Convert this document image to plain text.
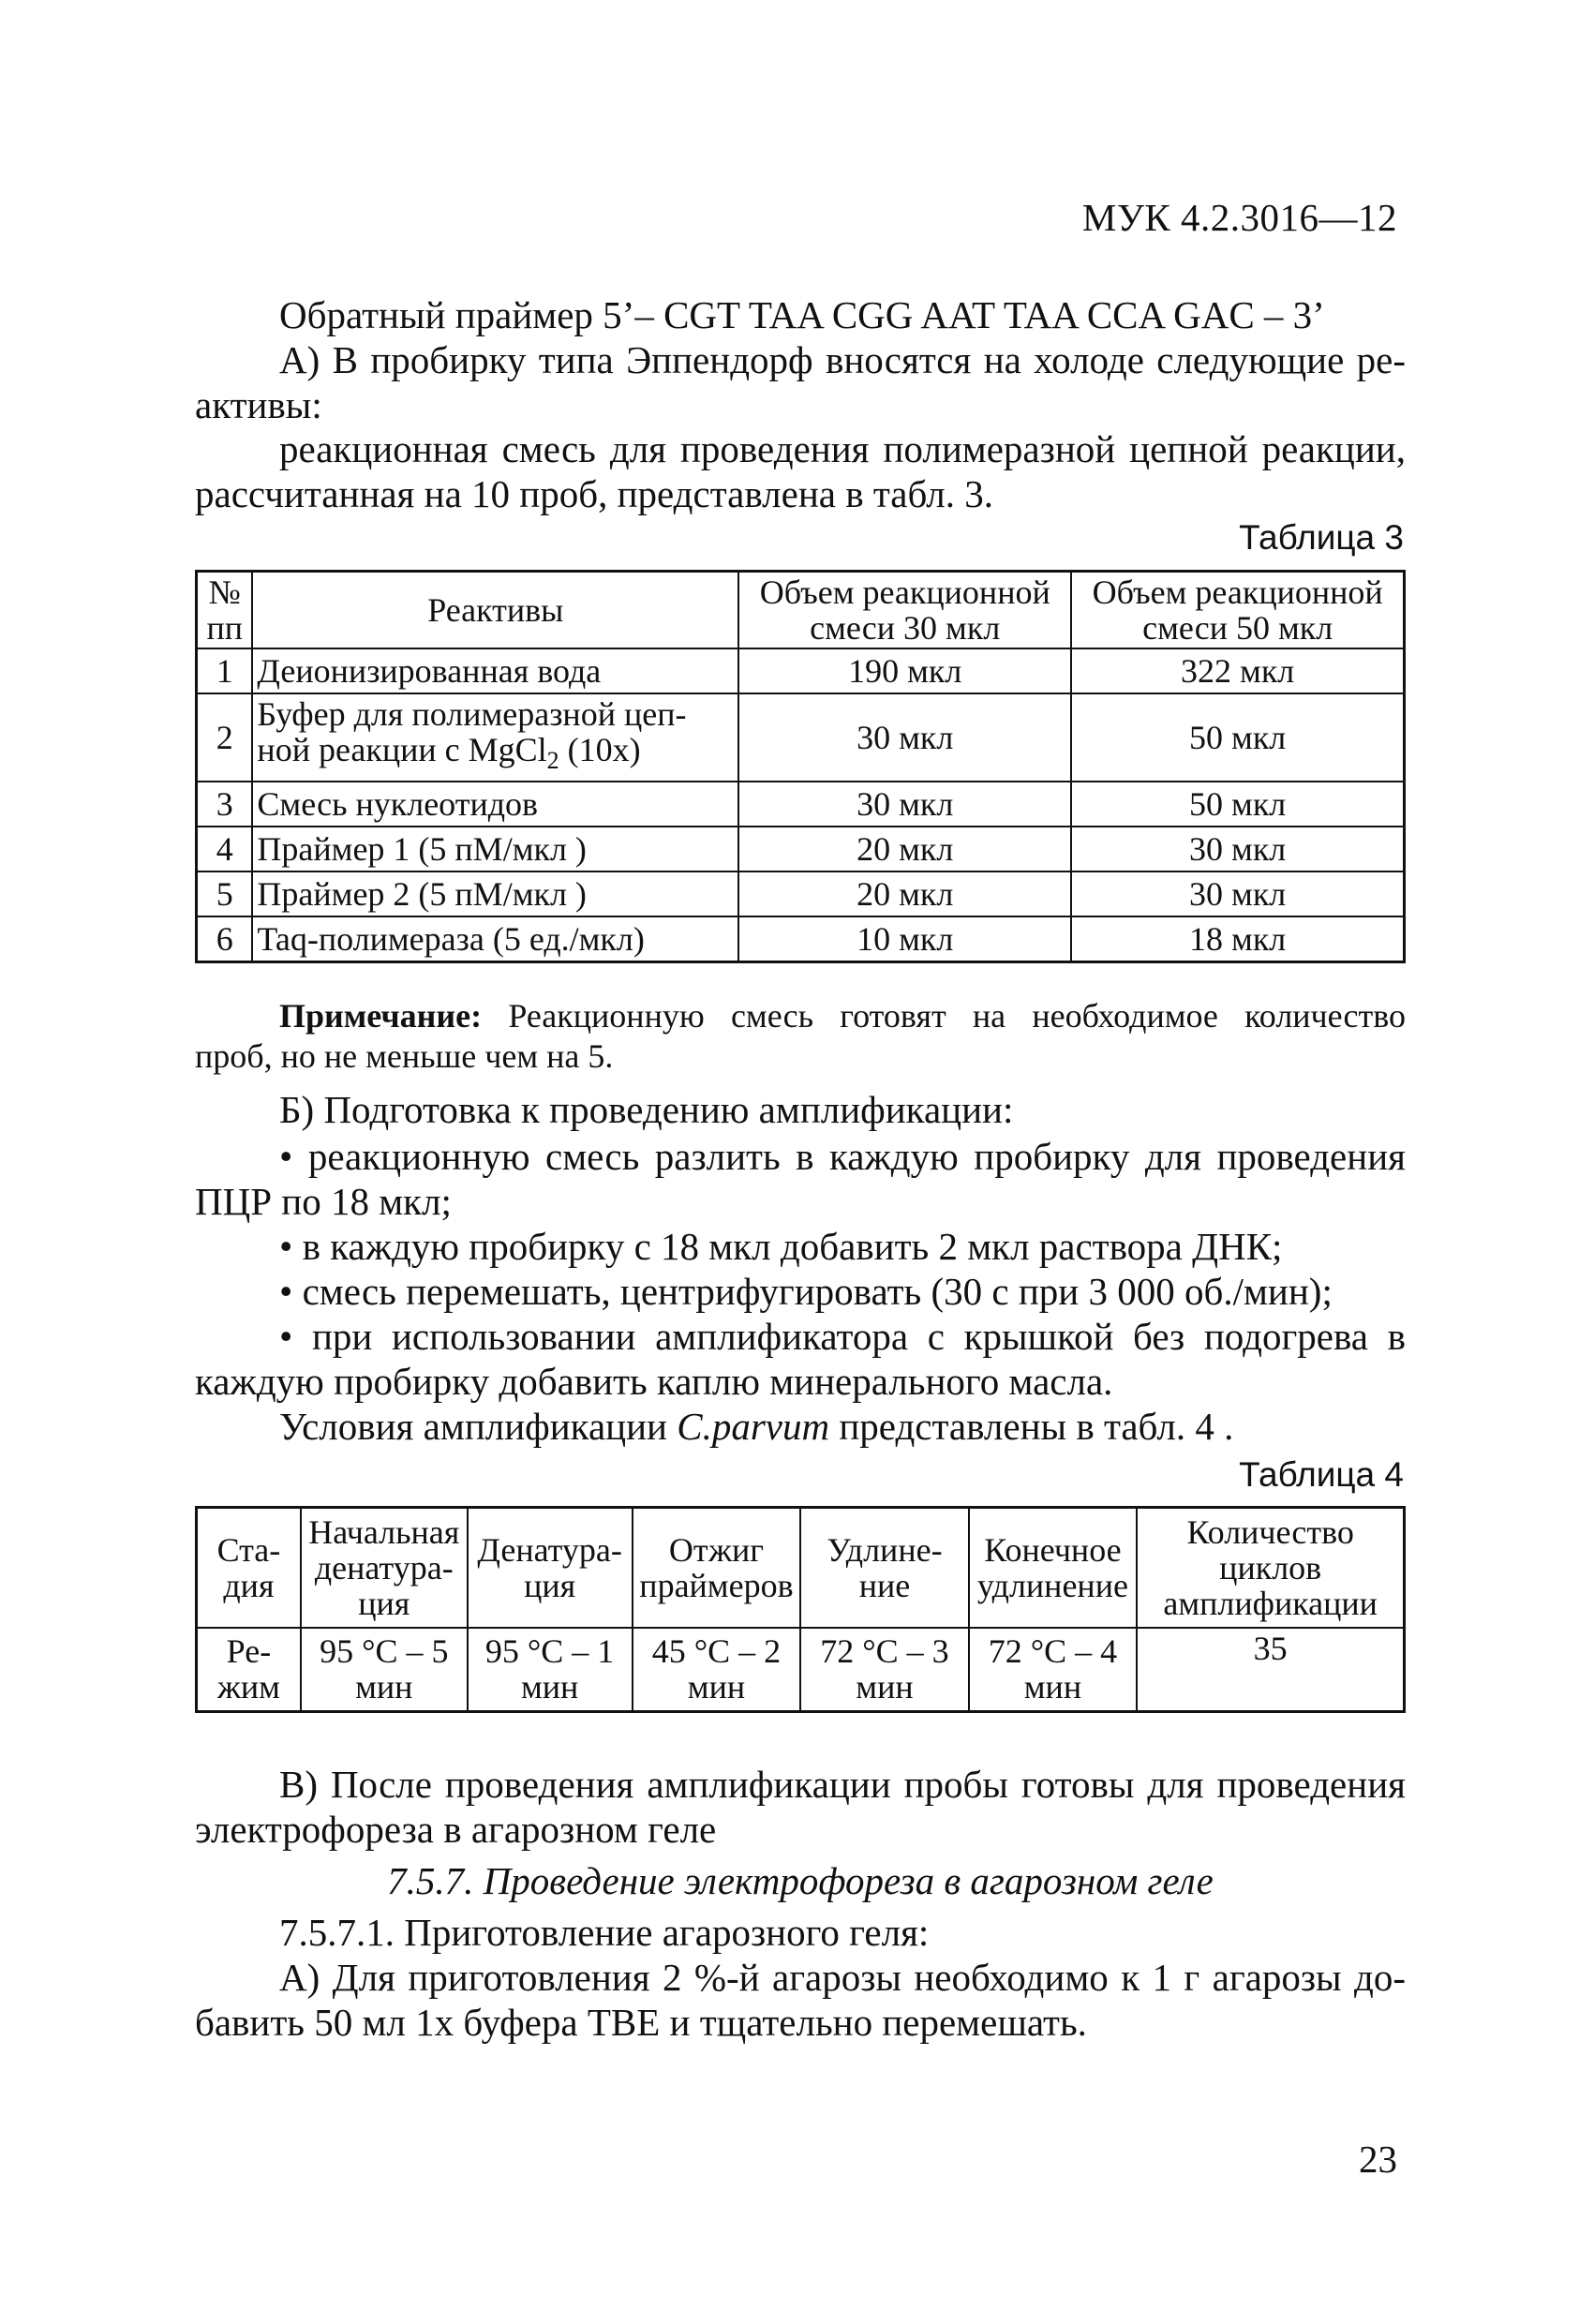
МУК 4.2.3016—12
Обратный праймер 5’– CGT TAA CGG AAT TAA CCA GAC – 3’
А) В пробирку типа Эппендорф вносятся на холоде следующие ре-
активы:
реакционная смесь для проведения полимеразной цепной реакции,
рассчитанная на 10 проб, представлена в табл. 3.
Таблица 3
№ пп	Реактивы	Объем реакционной смеси 30 мкл	Объем реакционной смеси 50 мкл
1	Деионизированная вода	190 мкл	322 мкл
2	Буфер для полимеразной цеп-
ной реакции с MgCl$_2$ (10х)	30 мкл	50 мкл
3	Смесь нуклеотидов	30 мкл	50 мкл
4	Праймер 1 (5 пМ/мкл )	20 мкл	30 мкл
5	Праймер 2 (5 пМ/мкл )	20 мкл	30 мкл
6	Taq-полимераза (5 ед./мкл)	10 мкл	18 мкл
Примечание: Реакционную смесь готовят на необходимое количество
проб, но не меньше чем на 5.
Б) Подготовка к проведению амплификации:
• реакционную смесь разлить в каждую пробирку для проведения
ПЦР по 18 мкл;
• в каждую пробирку с 18 мкл добавить 2 мкл раствора ДНК;
• смесь перемешать, центрифугировать (30 с при 3 000 об./мин);
• при использовании амплификатора с крышкой без подогрева в
каждую пробирку добавить каплю минерального масла.
Условия амплификации C.parvum представлены в табл. 4 .
Таблица 4
Ста-дия	Начальная денатура-ция	Денатура-ция	Отжиг праймеров	Удлине-ние	Конечное удлинение	Количество циклов амплификации
Ре-жим	95 °С – 5 мин	95 °С – 1 мин	45 °С – 2 мин	72 °С – 3 мин	72 °С – 4 мин	35
В) После проведения амплификации пробы готовы для проведения
электрофореза в агарозном геле
7.5.7. Проведение электрофореза в агарозном геле
7.5.7.1. Приготовление агарозного геля:
А) Для приготовления 2 %-й агарозы необходимо к 1 г агарозы до-
бавить 50 мл 1х буфера ТВЕ и тщательно перемешать.
23
